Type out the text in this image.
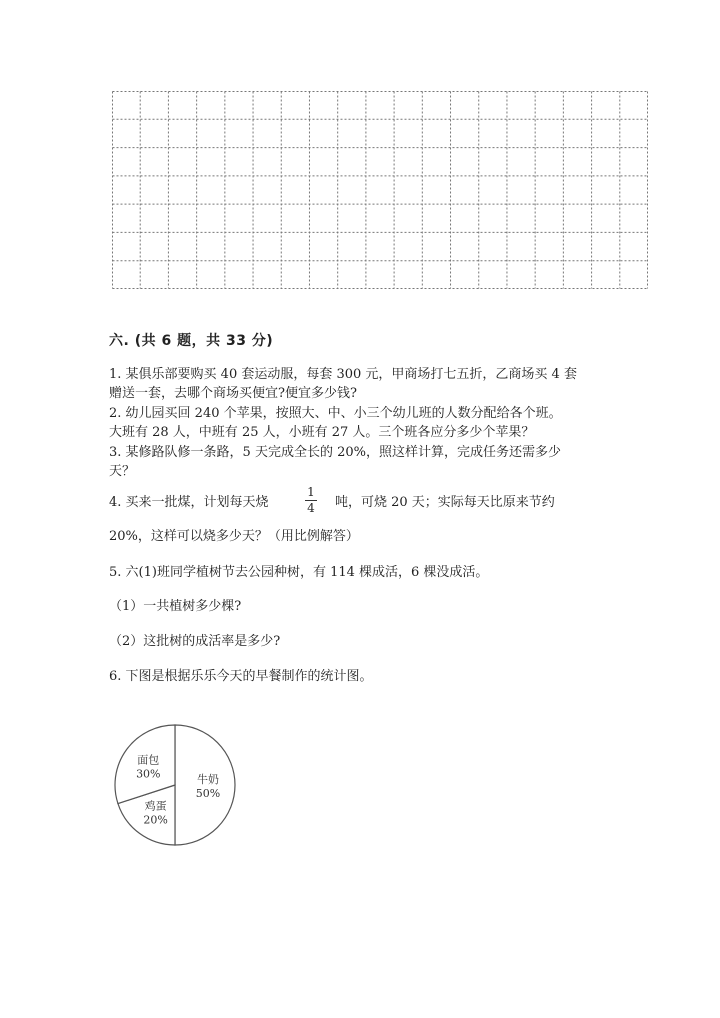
六. (共 6 题，共 33 分)
1. 某俱乐部要购买 40 套运动服，每套 300 元，甲商场打七五折，乙商场买 4 套
赠送一套，去哪个商场买便宜?便宜多少钱?
2. 幼儿园买回 240 个苹果，按照大、中、小三个幼儿班的人数分配给各个班。
大班有 28 人，中班有 25 人，小班有 27 人。三个班各应分多少个苹果？
3. 某修路队修一条路，5 天完成全长的 20%，照这样计算，完成任务还需多少
天？
4. 买来一批煤，计划每天烧
1
4 吨，可烧 20 天；实际每天比原来节约
20%，这样可以烧多少天？（用比例解答）
5. 六(1)班同学植树节去公园种树，有 114 棵成活，6 棵没成活。
（1）一共植树多少棵?
（2）这批树的成活率是多少?
6. 下图是根据乐乐今天的早餐制作的统计图。
牛奶
50%
鸡蛋
20%
面包
30%
